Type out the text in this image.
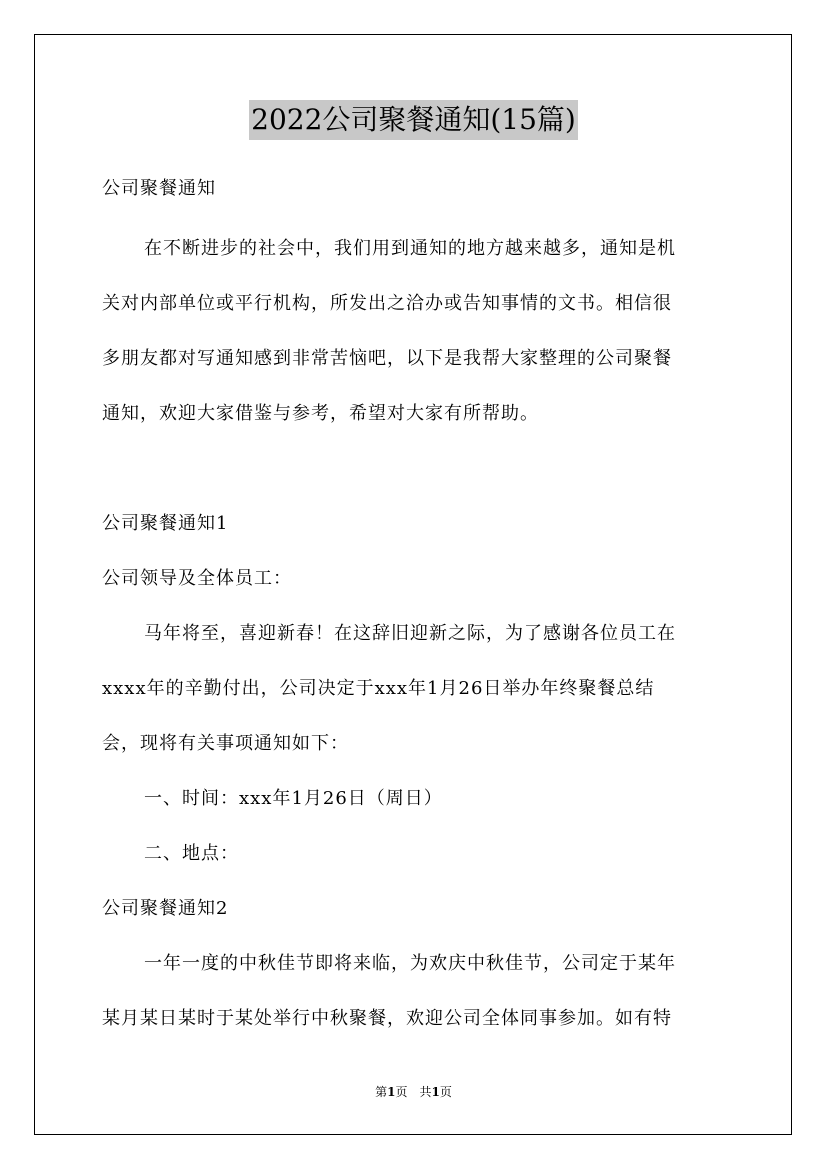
2022公司聚餐通知(15篇)
公司聚餐通知
在不断进步的社会中，我们用到通知的地方越来越多，通知是机
关对内部单位或平行机构，所发出之洽办或告知事情的文书。相信很
多朋友都对写通知感到非常苦恼吧，以下是我帮大家整理的公司聚餐
通知，欢迎大家借鉴与参考，希望对大家有所帮助。
公司聚餐通知1
公司领导及全体员工：
马年将至，喜迎新春！在这辞旧迎新之际，为了感谢各位员工在
xxxx年的辛勤付出，公司决定于xxx年1月26日举办年终聚餐总结
会，现将有关事项通知如下：
一、时间：xxx年1月26日（周日）
二、地点：
公司聚餐通知2
一年一度的中秋佳节即将来临，为欢庆中秋佳节，公司定于某年
某月某日某时于某处举行中秋聚餐，欢迎公司全体同事参加。如有特
第1页　共1页
